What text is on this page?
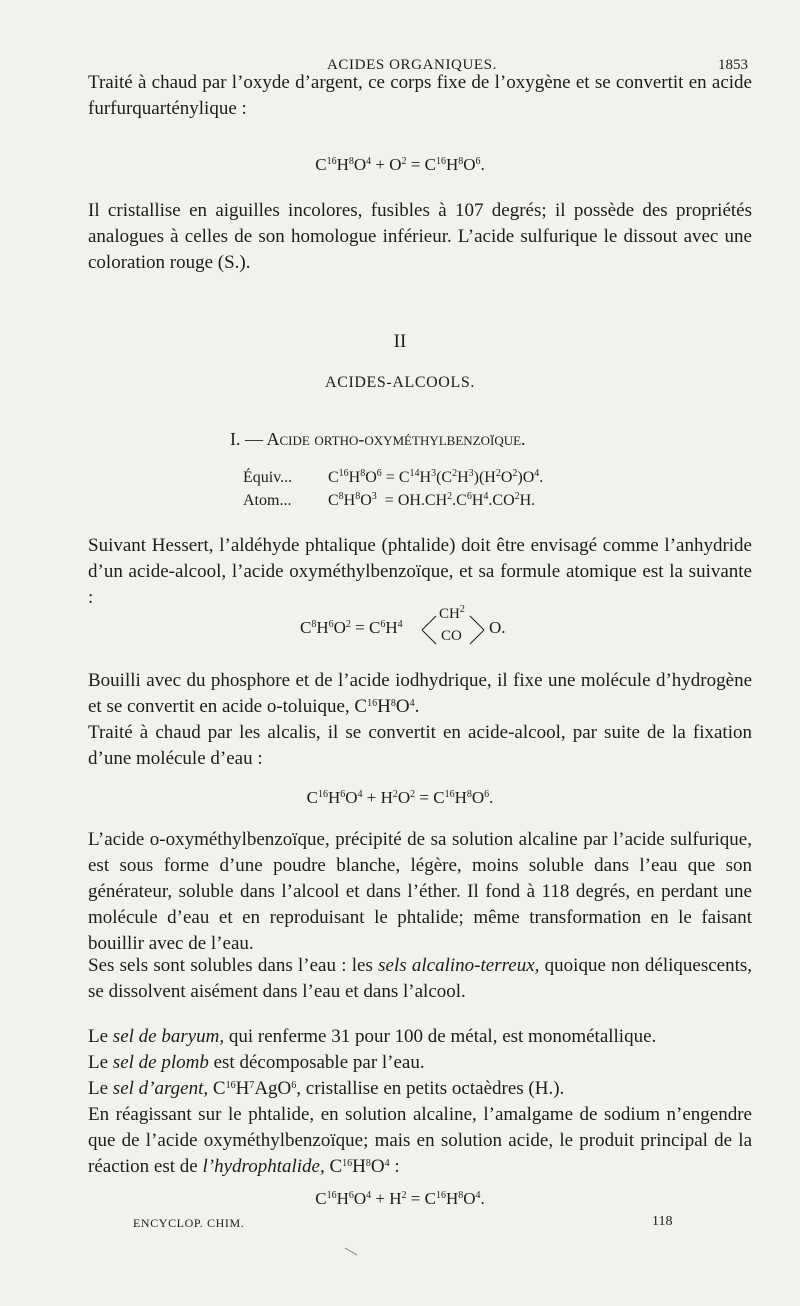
ACIDES ORGANIQUES.	1853

Traité à chaud par l’oxyde d’argent, ce corps fixe de l’oxygène et se convertit en acide furfurquarténylique :

$C^{16}H^8O^4 + O^2 = C^{16}H^8O^6$.

Il cristallise en aiguilles incolores, fusibles à 107 degrés; il possède des propriétés analogues à celles de son homologue inférieur. L’acide sulfurique le dissout avec une coloration rouge (S.).

II
ACIDES-ALCOOLS.
I. — Acide ortho-oxyméthylbenzoïque.
Équiv... $C^{16}H^8O^6 = C^{14}H^3(C^2H^3)(H^2O^2)O^4$.
Atom... $C^8H^8O^3 = OH.CH^2.C^6H^4.CO^2H$.

Suivant Hessert, l’aldéhyde phtalique (phtalide) doit être envisagé comme l’anhydride d’un acide-alcool, l’acide oxyméthylbenzoïque, et sa formule atomique est la suivante :

$C^8H^6O^2 = C^6H^4$
$CH^2$
CO O.

Bouilli avec du phosphore et de l’acide iodhydrique, il fixe une molécule d’hydrogène et se convertit en acide o-toluique, $C^{16}H^8O^4$.

Traité à chaud par les alcalis, il se convertit en acide-alcool, par suite de la fixation d’une molécule d’eau :

$C^{16}H^6O^4 + H^2O^2 = C^{16}H^8O^6$.

L’acide o-oxyméthylbenzoïque, précipité de sa solution alcaline par l’acide sulfurique, est sous forme d’une poudre blanche, légère, moins soluble dans l’eau que son générateur, soluble dans l’alcool et dans l’éther. Il fond à 118 degrés, en perdant une molécule d’eau et en reproduisant le phtalide; même transformation en le faisant bouillir avec de l’eau.

Ses sels sont solubles dans l’eau : les sels alcalino-terreux, quoique non déliquescents, se dissolvent aisément dans l’eau et dans l’alcool.

Le sel de baryum, qui renferme 31 pour 100 de métal, est monométallique.

Le sel de plomb est décomposable par l’eau.

Le sel d’argent, $C^{16}H^7AgO^6$, cristallise en petits octaèdres (H.).

En réagissant sur le phtalide, en solution alcaline, l’amalgame de sodium n’engendre que de l’acide oxyméthylbenzoïque; mais en solution acide, le produit principal de la réaction est de l’hydrophtalide, $C^{16}H^8O^4$ :

$C^{16}H^6O^4 + H^2 = C^{16}H^8O^4$.
ENCYCLOP. CHIM.	118
